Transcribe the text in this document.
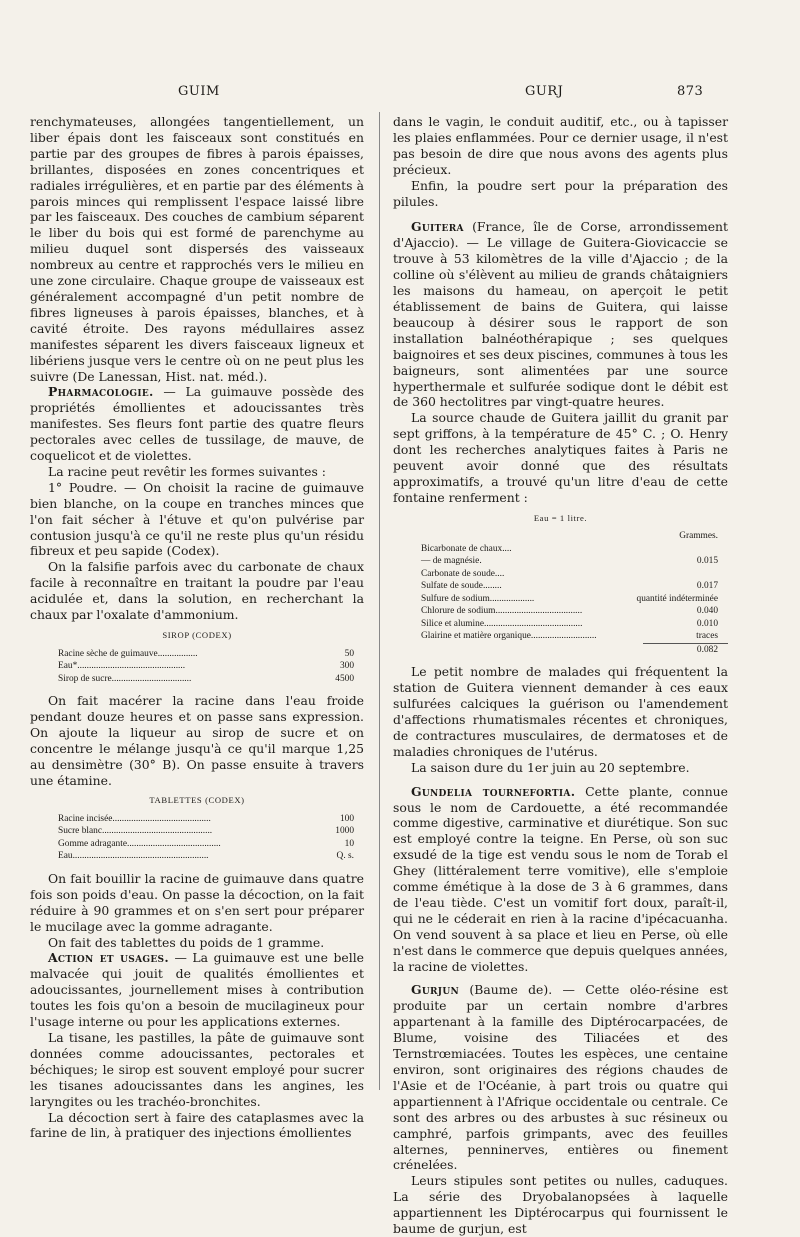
GUIM	GURJ	873

renchymateuses, allongées tangentiellement, un liber épais dont les faisceaux sont constitués en partie par des groupes de fibres à parois épaisses, brillantes, disposées en zones concentriques et radiales irrégulières, et en partie par des éléments à parois minces qui remplissent l'espace laissé libre par les faisceaux. Des couches de cambium séparent le liber du bois qui est formé de parenchyme au milieu duquel sont dispersés des vaisseaux nombreux au centre et rapprochés vers le milieu en une zone circulaire. Chaque groupe de vaisseaux est généralement accompagné d'un petit nombre de fibres ligneuses à parois épaisses, blanches, et à cavité étroite. Des rayons médullaires assez manifestes séparent les divers faisceaux ligneux et libériens jusque vers le centre où on ne peut plus les suivre (De Lanessan, Hist. nat. méd.).

Pharmacologie. — La guimauve possède des propriétés émollientes et adoucissantes très manifestes. Ses fleurs font partie des quatre fleurs pectorales avec celles de tussilage, de mauve, de coquelicot et de violettes.

La racine peut revêtir les formes suivantes :

1° Poudre. — On choisit la racine de guimauve bien blanche, on la coupe en tranches minces que l'on fait sécher à l'étuve et qu'on pulvérise par contusion jusqu'à ce qu'il ne reste plus qu'un résidu fibreux et peu sapide (Codex).

On la falsifie parfois avec du carbonate de chaux facile à reconnaître en traitant la poudre par l'eau acidulée et, dans la solution, en recherchant la chaux par l'oxalate d'ammonium.

SIROP (CODEX)
Racine sèche de guimauve.................	50
Eau*..............................................	300
Sirop de sucre..................................	4500

On fait macérer la racine dans l'eau froide pendant douze heures et on passe sans expression. On ajoute la liqueur au sirop de sucre et on concentre le mélange jusqu'à ce qu'il marque 1,25 au densimètre (30° B). On passe ensuite à travers une étamine.

TABLETTES (CODEX)
Racine incisée..........................................	100
Sucre blanc...............................................	1000
Gomme adragante........................................	10
Eau..........................................................	Q. s.

On fait bouillir la racine de guimauve dans quatre fois son poids d'eau. On passe la décoction, on la fait réduire à 90 grammes et on s'en sert pour préparer le mucilage avec la gomme adragante.

On fait des tablettes du poids de 1 gramme.

Action et usages. — La guimauve est une belle malvacée qui jouit de qualités émollientes et adoucissantes, journellement mises à contribution toutes les fois qu'on a besoin de mucilagineux pour l'usage interne ou pour les applications externes.

La tisane, les pastilles, la pâte de guimauve sont données comme adoucissantes, pectorales et béchiques; le sirop est souvent employé pour sucrer les tisanes adoucissantes dans les angines, les laryngites ou les trachéo-bronchites.

La décoction sert à faire des cataplasmes avec la farine de lin, à pratiquer des injections émollientes

dans le vagin, le conduit auditif, etc., ou à tapisser les plaies enflammées. Pour ce dernier usage, il n'est pas besoin de dire que nous avons des agents plus précieux.

Enfin, la poudre sert pour la préparation des pilules.

Guitera (France, île de Corse, arrondissement d'Ajaccio). — Le village de Guitera-Giovicaccie se trouve à 53 kilomètres de la ville d'Ajaccio ; de la colline où s'élèvent au milieu de grands châtaigniers les maisons du hameau, on aperçoit le petit établissement de bains de Guitera, qui laisse beaucoup à désirer sous le rapport de son installation balnéothérapique ; ses quelques baignoires et ses deux piscines, communes à tous les baigneurs, sont alimentées par une source hyperthermale et sulfurée sodique dont le débit est de 360 hectolitres par vingt-quatre heures.

La source chaude de Guitera jaillit du granit par sept griffons, à la température de 45° C. ; O. Henry dont les recherches analytiques faites à Paris ne peuvent avoir donné que des résultats approximatifs, a trouvé qu'un litre d'eau de cette fontaine renferment :

Eau = 1 litre.
Grammes.
Bicarbonate de chaux....
— de magnésie.	0.015
Carbonate de soude....
Sulfate de soude........	0.017
Sulfure de sodium...................	quantité indéterminée
Chlorure de sodium.....................................	0.040
Silice et alumine..........................................	0.010
Glairine et matière organique............................	traces
0.082

Le petit nombre de malades qui fréquentent la station de Guitera viennent demander à ces eaux sulfurées calciques la guérison ou l'amendement d'affections rhumatismales récentes et chroniques, de contractures musculaires, de dermatoses et de maladies chroniques de l'utérus.

La saison dure du 1er juin au 20 septembre.

Gundelia tournefortia. Cette plante, connue sous le nom de Cardouette, a été recommandée comme digestive, carminative et diurétique. Son suc est employé contre la teigne. En Perse, où son suc exsudé de la tige est vendu sous le nom de Torab el Ghey (littéralement terre vomitive), elle s'emploie comme émétique à la dose de 3 à 6 grammes, dans de l'eau tiède. C'est un vomitif fort doux, paraît-il, qui ne le céderait en rien à la racine d'ipécacuanha. On vend souvent à sa place et lieu en Perse, où elle n'est dans le commerce que depuis quelques années, la racine de violettes.

Gurjun (Baume de). — Cette oléo-résine est produite par un certain nombre d'arbres appartenant à la famille des Diptérocarpacées, de Blume, voisine des Tiliacées et des Ternstrœmiacées. Toutes les espèces, une centaine environ, sont originaires des régions chaudes de l'Asie et de l'Océanie, à part trois ou quatre qui appartiennent à l'Afrique occidentale ou centrale. Ce sont des arbres ou des arbustes à suc résineux ou camphré, parfois grimpants, avec des feuilles alternes, penninerves, entières ou finement crénelées.

Leurs stipules sont petites ou nulles, caduques. La série des Dryobalanopsées à laquelle appartiennent les Diptérocarpus qui fournissent le baume de gurjun, est
